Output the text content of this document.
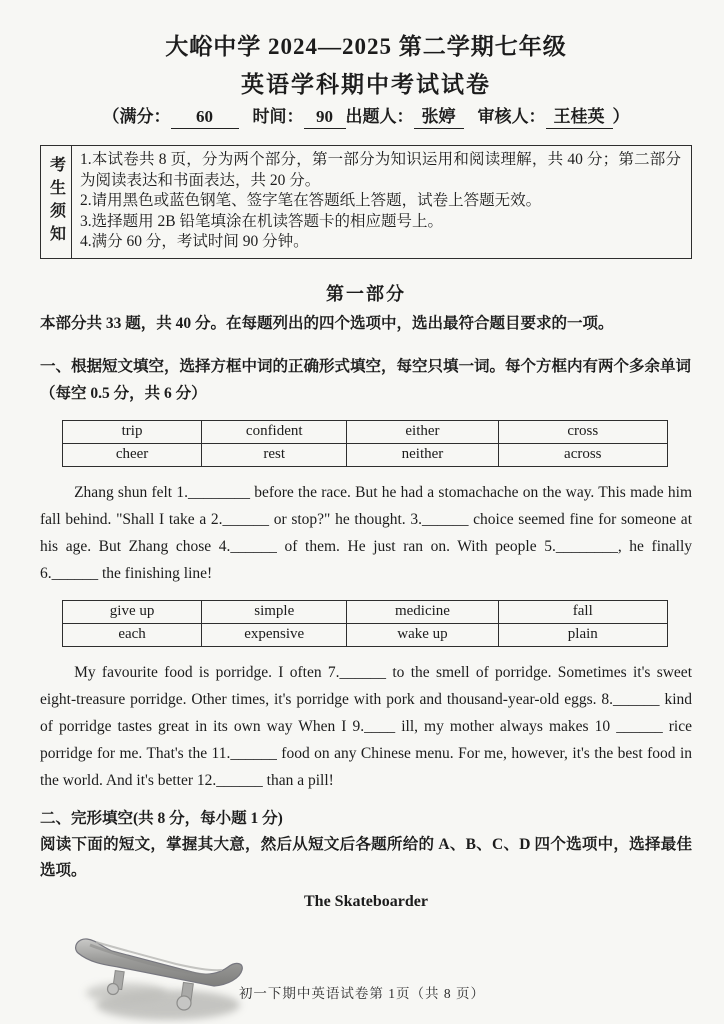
大峪中学 2024—2025 第二学期七年级
英语学科期中考试试卷
（满分： 60 时间： 90 出题人： 张婷 审核人： 王桂英 ）
考生须知	1.本试卷共 8 页，分为两个部分，第一部分为知识运用和阅读理解，共 40 分；第二部分为阅读表达和书面表达，共 20 分。

2.请用黑色或蓝色钢笔、签字笔在答题纸上答题，试卷上答题无效。

3.选择题用 2B 铅笔填涂在机读答题卡的相应题号上。

4.满分 60 分，考试时间 90 分钟。

第一部分
本部分共 33 题，共 40 分。在每题列出的四个选项中，选出最符合题目要求的一项。
一、根据短文填空，选择方框中词的正确形式填空，每空只填一词。每个方框内有两个多余单词
（每空 0.5 分，共 6 分）
trip	confident	either	cross
cheer	rest	neither	across
Zhang shun felt 1.________ before the race. But he had a stomachache on the way. This made him fall behind. "Shall I take a 2.______ or stop?" he thought. 3.______ choice seemed fine for someone at his age. But Zhang chose 4.______ of them. He just ran on. With people 5.________, he finally 6.______ the finishing line!
give up	simple	medicine	fall
each	expensive	wake up	plain
My favourite food is porridge. I often 7.______ to the smell of porridge. Sometimes it's sweet eight-treasure porridge. Other times, it's porridge with pork and thousand-year-old eggs. 8.______ kind of porridge tastes great in its own way When I 9.____ ill, my mother always makes 10 ______ rice porridge for me. That's the 11.______ food on any Chinese menu. For me, however, it's the best food in the world. And it's better 12.______ than a pill!
二、完形填空(共 8 分，每小题 1 分)
阅读下面的短文，掌握其大意，然后从短文后各题所给的 A、B、C、D 四个选项中，选择最佳选项。
The Skateboarder
初一下期中英语试卷第 1页（共 8 页）
